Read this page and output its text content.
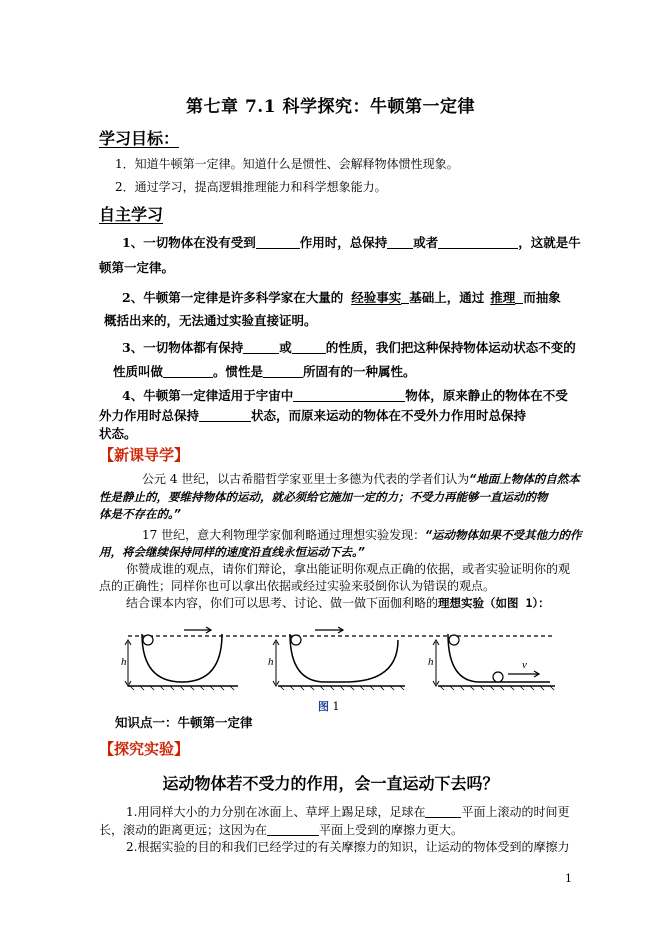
第七章 7.1 科学探究：牛顿第一定律
学习目标：
1．知道牛顿第一定律。知道什么是惯性、会解释物体惯性现象。
2．通过学习，提高逻辑推理能力和科学想象能力。
自主学习
1、一切物体在没有受到	作用时，总保持 或者	，这就是牛
顿第一定律。
2、牛顿第一定律是许多科学家在大量的 经验事实 基础上，通过 推理 而抽象
概括出来的，无法通过实验直接证明。
3、一切物体都有保持	或	的性质，我们把这种保持物体运动状态不变的
性质叫做	。惯性是	所固有的一种属性。
4、牛顿第一定律适用于宇宙中	物体，原来静止的物体在不受
外力作用时总保持	状态，而原来运动的物体在不受外力作用时总保持
状态。
【新课导学】
公元 4 世纪，以古希腊哲学家亚里士多德为代表的学者们认为“地面上物体的自然本
性是静止的，要维持物体的运动，就必须给它施加一定的力；不受力再能够一直运动的物
体是不存在的。”
17 世纪，意大利物理学家伽利略通过理想实验发现：“运动物体如果不受其他力的作
用，将会继续保持同样的速度沿直线永恒运动下去。”
你赞成谁的观点，请你们辩论，拿出能证明你观点正确的依据，或者实验证明你的观
点的正确性；同样你也可以拿出依据或经过实验来驳倒你认为错误的观点。
结合课本内容，你们可以思考、讨论、做一做下面伽利略的理想实验（如图 1）：
h	h	h	v
图 1
知识点一：牛顿第一定律
【探究实验】
运动物体若不受力的作用，会一直运动下去吗？
1.用同样大小的力分别在冰面上、草坪上踢足球，足球在	平面上滚动的时间更
长，滚动的距离更远；这因为在	平面上受到的摩擦力更大。
2.根据实验的目的和我们已经学过的有关摩擦力的知识，让运动的物体受到的摩擦力
1
